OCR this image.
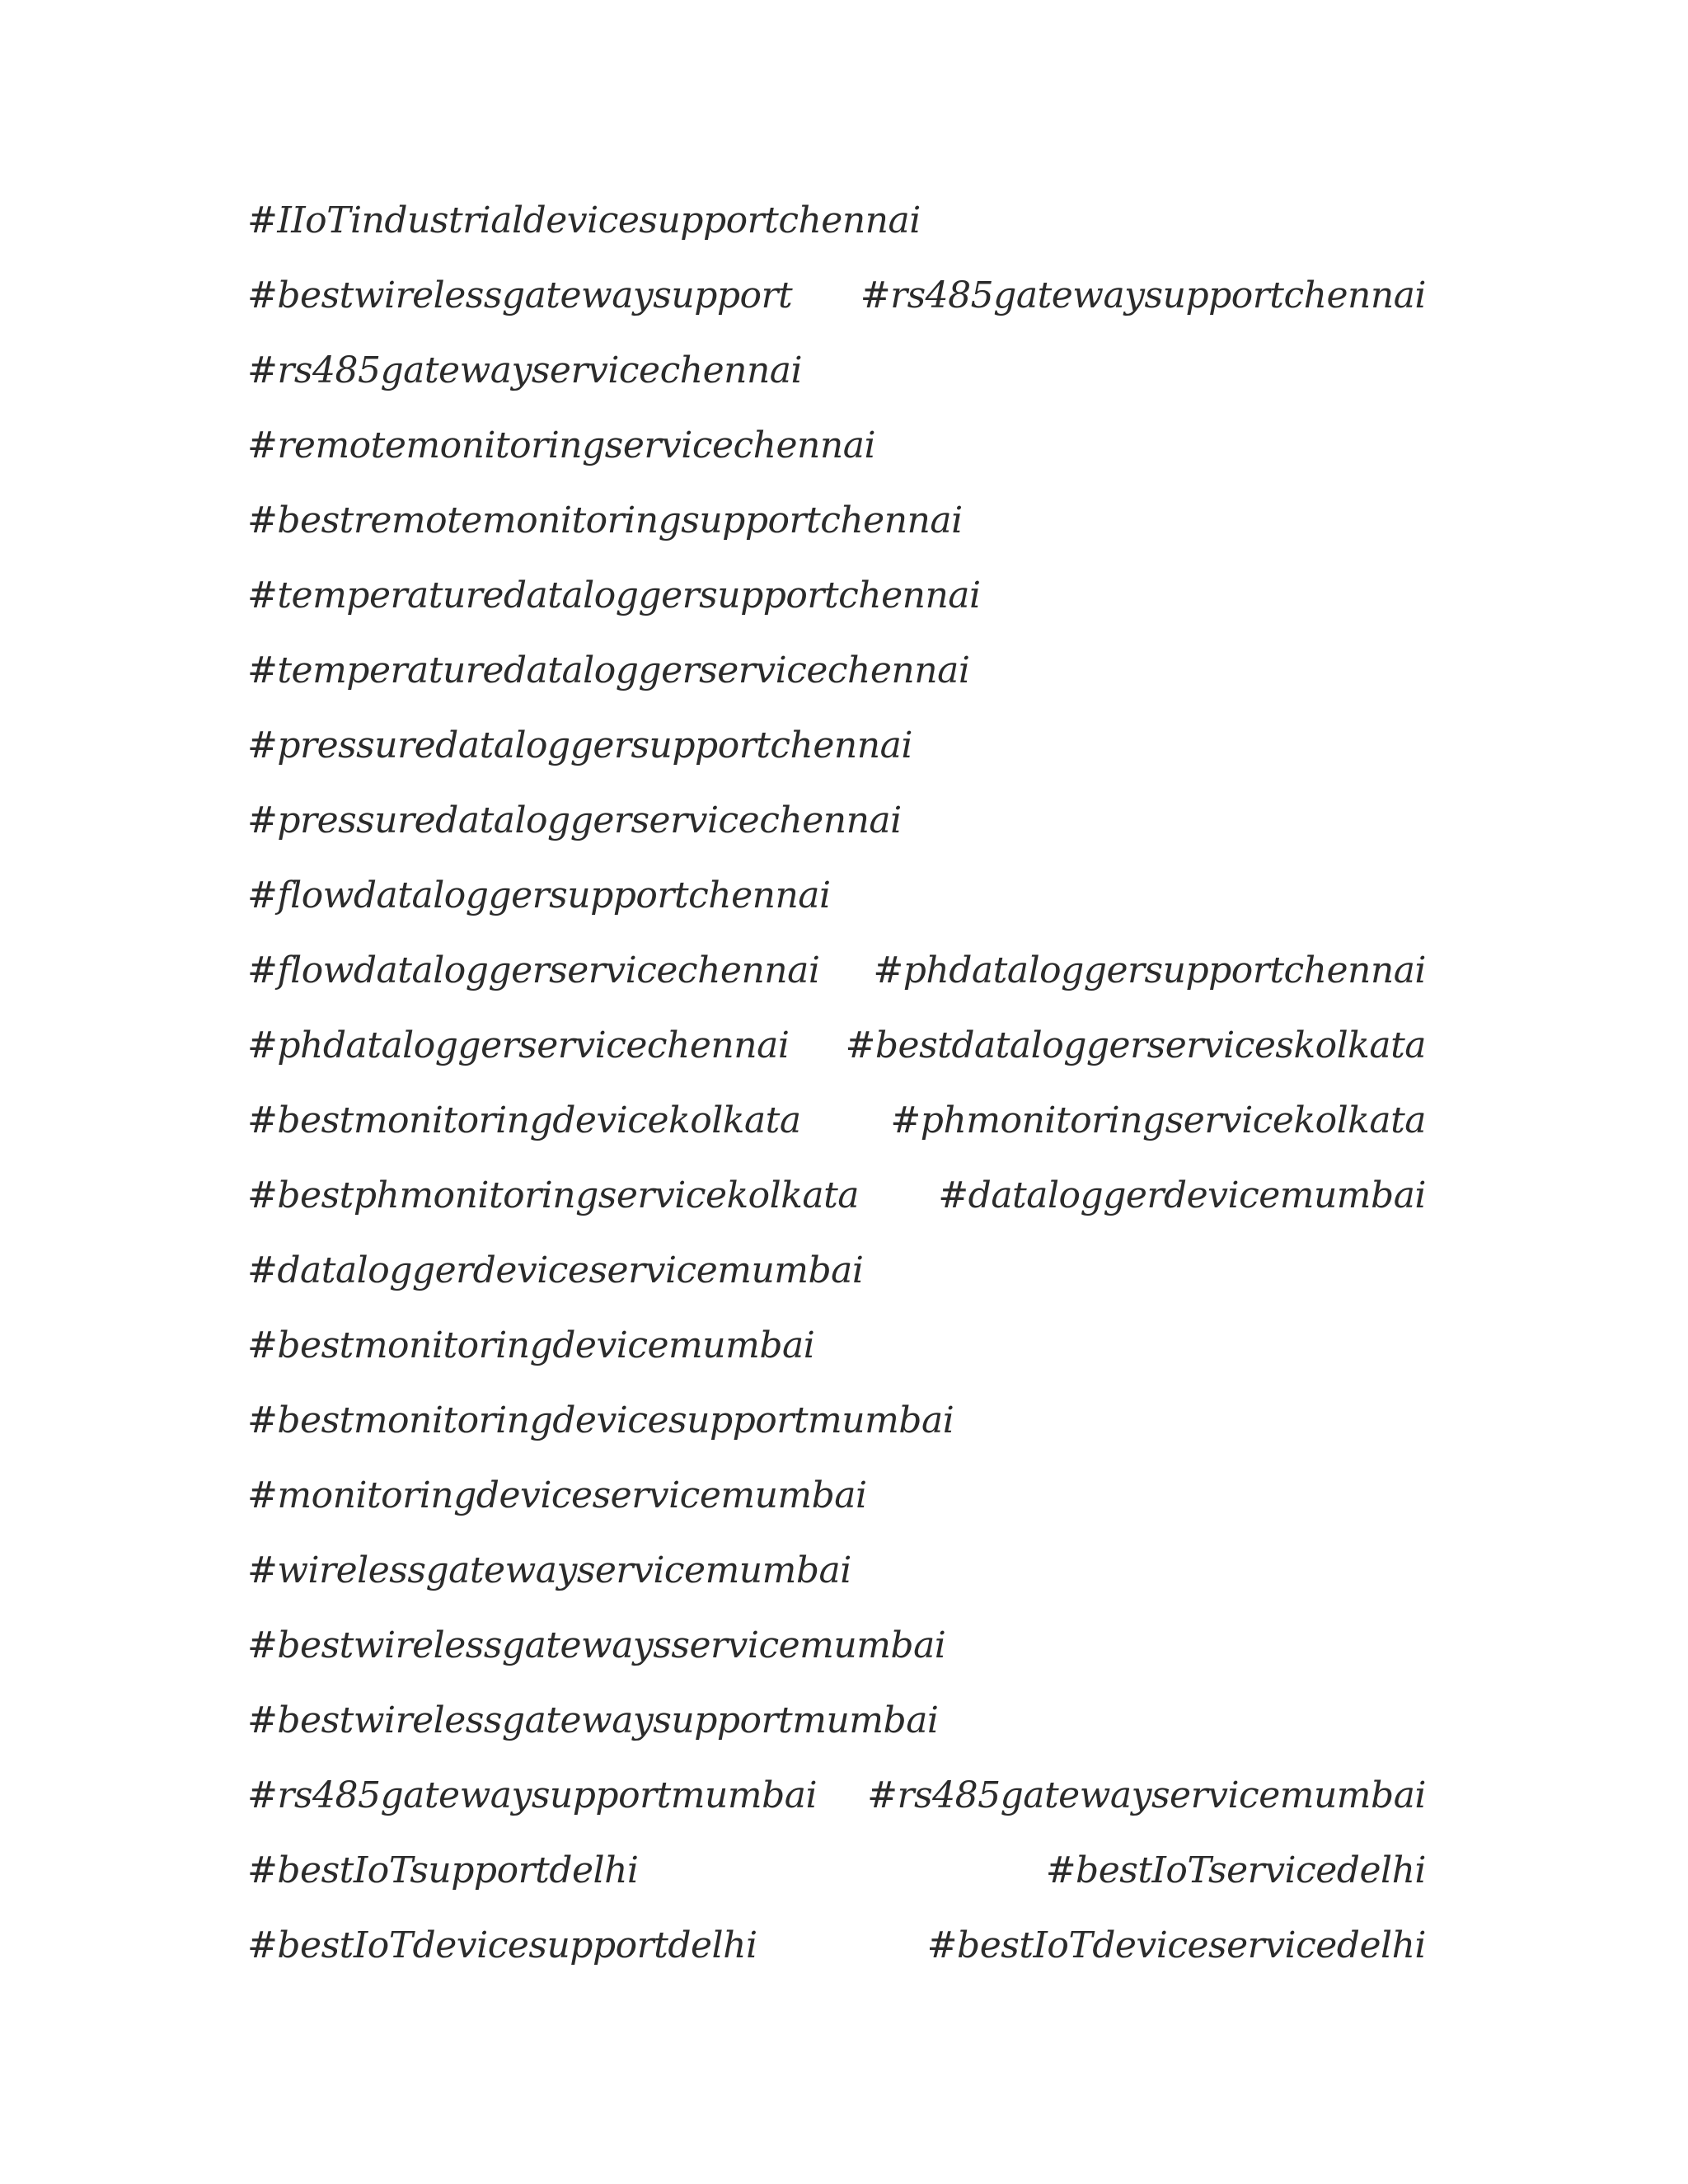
#IIoTindustrialdevicesupportchennai
#bestwirelessgatewaysupport #rs485gatewaysupportchennai
#rs485gatewayservicechennai
#remotemonitoringservicechennai
#bestremotemonitoringsupportchennai
#temperaturedataloggersupportchennai
#temperaturedataloggerservicechennai
#pressuredataloggersupportchennai
#pressuredataloggerservicechennai
#flowdataloggersupportchennai
#flowdataloggerservicechennai #phdataloggersupportchennai
#phdataloggerservicechennai #bestdataloggerserviceskolkata
#bestmonitoringdevicekolkata #phmonitoringservicekolkata
#bestphmonitoringservicekolkata #dataloggerdevicemumbai
#dataloggerdeviceservicemumbai
#bestmonitoringdevicemumbai
#bestmonitoringdevicesupportmumbai
#monitoringdeviceservicemumbai
#wirelessgatewayservicemumbai
#bestwirelessgatewaysservicemumbai
#bestwirelessgatewaysupportmumbai
#rs485gatewaysupportmumbai #rs485gatewayservicemumbai
#bestIoTsupportdelhi	#bestIoTservicedelhi
#bestIoTdevicesupportdelhi	#bestIoTdeviceservicedelhi
